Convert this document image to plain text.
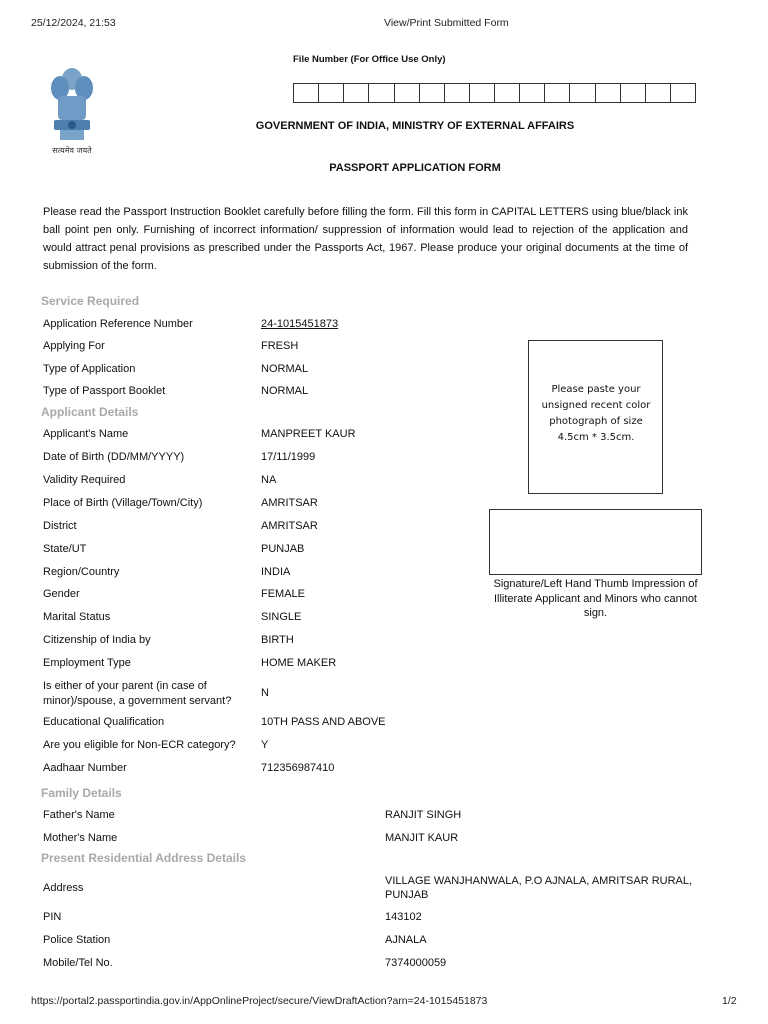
25/12/2024, 21:53	View/Print Submitted Form
सत्यमेव जयते
File Number (For Office Use Only)
GOVERNMENT OF INDIA, MINISTRY OF EXTERNAL AFFAIRS
PASSPORT APPLICATION FORM
Please read the Passport Instruction Booklet carefully before filling the form. Fill this form in CAPITAL LETTERS using blue/black ink ball point pen only. Furnishing of incorrect information/ suppression of information would lead to rejection of the application and would attract penal provisions as prescribed under the Passports Act, 1967. Please produce your original documents at the time of submission of the form.
Service Required
Application Reference Number	24-1015451873
Applying For	FRESH
Type of Application	NORMAL
Type of Passport Booklet	NORMAL
Applicant Details
Applicant's Name	MANPREET KAUR
Date of Birth (DD/MM/YYYY)	17/11/1999
Validity Required	NA
Place of Birth (Village/Town/City)	AMRITSAR
District	AMRITSAR
State/UT	PUNJAB
Region/Country	INDIA
Gender	FEMALE
Marital Status	SINGLE
Citizenship of India by	BIRTH
Employment Type	HOME MAKER
Is either of your parent (in case of minor)/spouse, a government servant?
N
Educational Qualification	10TH PASS AND ABOVE
Are you eligible for Non-ECR category?	Y
Aadhaar Number	712356987410
Please paste your unsigned recent color photograph of size 4.5cm * 3.5cm.
Signature/Left Hand Thumb Impression of Illiterate Applicant and Minors who cannot sign.
Family Details
Father's Name	RANJIT SINGH
Mother's Name	MANJIT KAUR
Present Residential Address Details
Address
VILLAGE WANJHANWALA, P.O AJNALA, AMRITSAR RURAL, PUNJAB
PIN	143102
Police Station	AJNALA
Mobile/Tel No.	7374000059
https://portal2.passportindia.gov.in/AppOnlineProject/secure/ViewDraftAction?arn=24-1015451873	1/2
